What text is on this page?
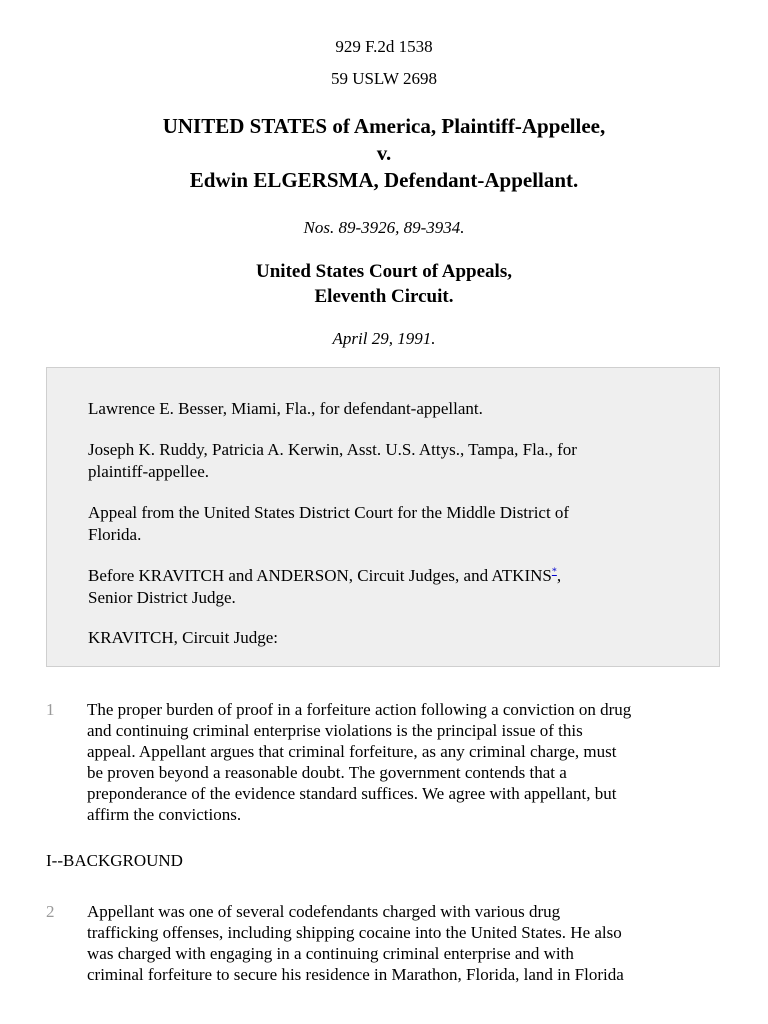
929 F.2d 1538
59 USLW 2698
UNITED STATES of America, Plaintiff-Appellee,
v.
Edwin ELGERSMA, Defendant-Appellant.
Nos. 89-3926, 89-3934.
United States Court of Appeals,
Eleventh Circuit.
April 29, 1991.

Lawrence E. Besser, Miami, Fla., for defendant-appellant.

Joseph K. Ruddy, Patricia A. Kerwin, Asst. U.S. Attys., Tampa, Fla., for

plaintiff-appellee.

Appeal from the United States District Court for the Middle District of

Florida.

Before KRAVITCH and ANDERSON, Circuit Judges, and ATKINS*,

Senior District Judge.

KRAVITCH, Circuit Judge:

1 The proper burden of proof in a forfeiture action following a conviction on drug
and continuing criminal enterprise violations is the principal issue of this
appeal. Appellant argues that criminal forfeiture, as any criminal charge, must
be proven beyond a reasonable doubt. The government contends that a
preponderance of the evidence standard suffices. We agree with appellant, but
affirm the convictions.
I--BACKGROUND
2 Appellant was one of several codefendants charged with various drug
trafficking offenses, including shipping cocaine into the United States. He also
was charged with engaging in a continuing criminal enterprise and with
criminal forfeiture to secure his residence in Marathon, Florida, land in Florida
